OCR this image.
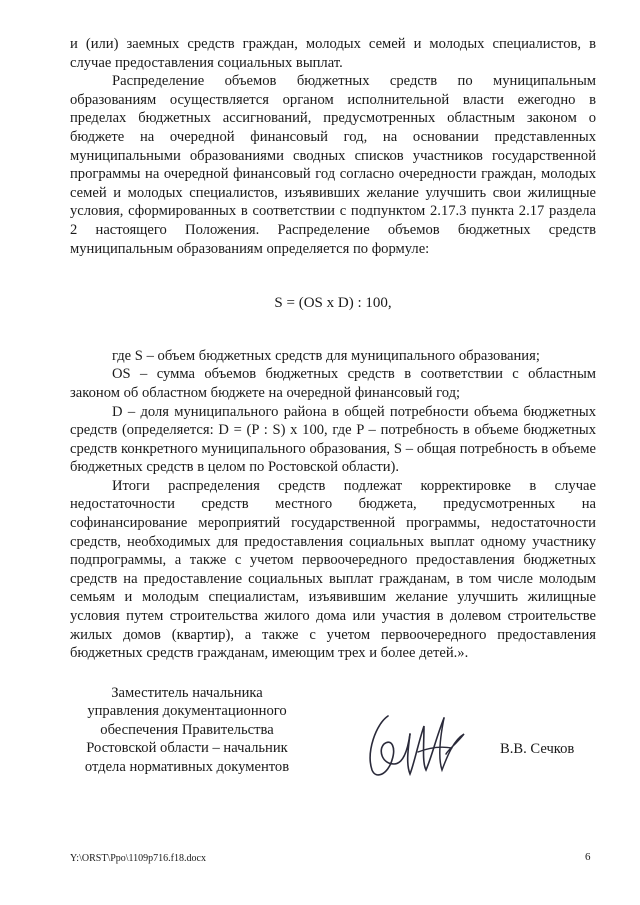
и (или) заемных средств граждан, молодых семей и молодых специалистов, в случае предоставления социальных выплат.

Распределение объемов бюджетных средств по муниципальным образованиям осуществляется органом исполнительной власти ежегодно в пределах бюджетных ассигнований, предусмотренных областным законом о бюджете на очередной финансовый год, на основании представленных муниципальными образованиями сводных списков участников государственной программы на очередной финансовый год согласно очередности граждан, молодых семей и молодых специалистов, изъявивших желание улучшить свои жилищные условия, сформированных в соответствии с подпунктом 2.17.3 пункта 2.17 раздела 2 настоящего Положения. Распределение объемов бюджетных средств муниципальным образованиям определяется по формуле:

S = (OS x D) : 100,

где S – объем бюджетных средств для муниципального образования;

OS – сумма объемов бюджетных средств в соответствии с областным законом об областном бюджете на очередной финансовый год;

D – доля муниципального района в общей потребности объема бюджетных средств (определяется: D = (P : S) x 100, где P – потребность в объеме бюджетных средств конкретного муниципального образования, S – общая потребность в объеме бюджетных средств в целом по Ростовской области).

Итоги распределения средств подлежат корректировке в случае недостаточности средств местного бюджета, предусмотренных на софинансирование мероприятий государственной программы, недостаточности средств, необходимых для предоставления социальных выплат одному участнику подпрограммы, а также с учетом первоочередного предоставления бюджетных средств на предоставление социальных выплат гражданам, в том числе молодым семьям и молодым специалистам, изъявившим желание улучшить жилищные условия путем строительства жилого дома или участия в долевом строительстве жилых домов (квартир), а также с учетом первоочередного предоставления бюджетных средств гражданам, имеющим трех и более детей.».

Заместитель начальника
управления документационного
обеспечения Правительства
Ростовской области – начальник
отдела нормативных документов
В.В. Сечков
Y:\ORST\Ppo\1109p716.f18.docx	6
